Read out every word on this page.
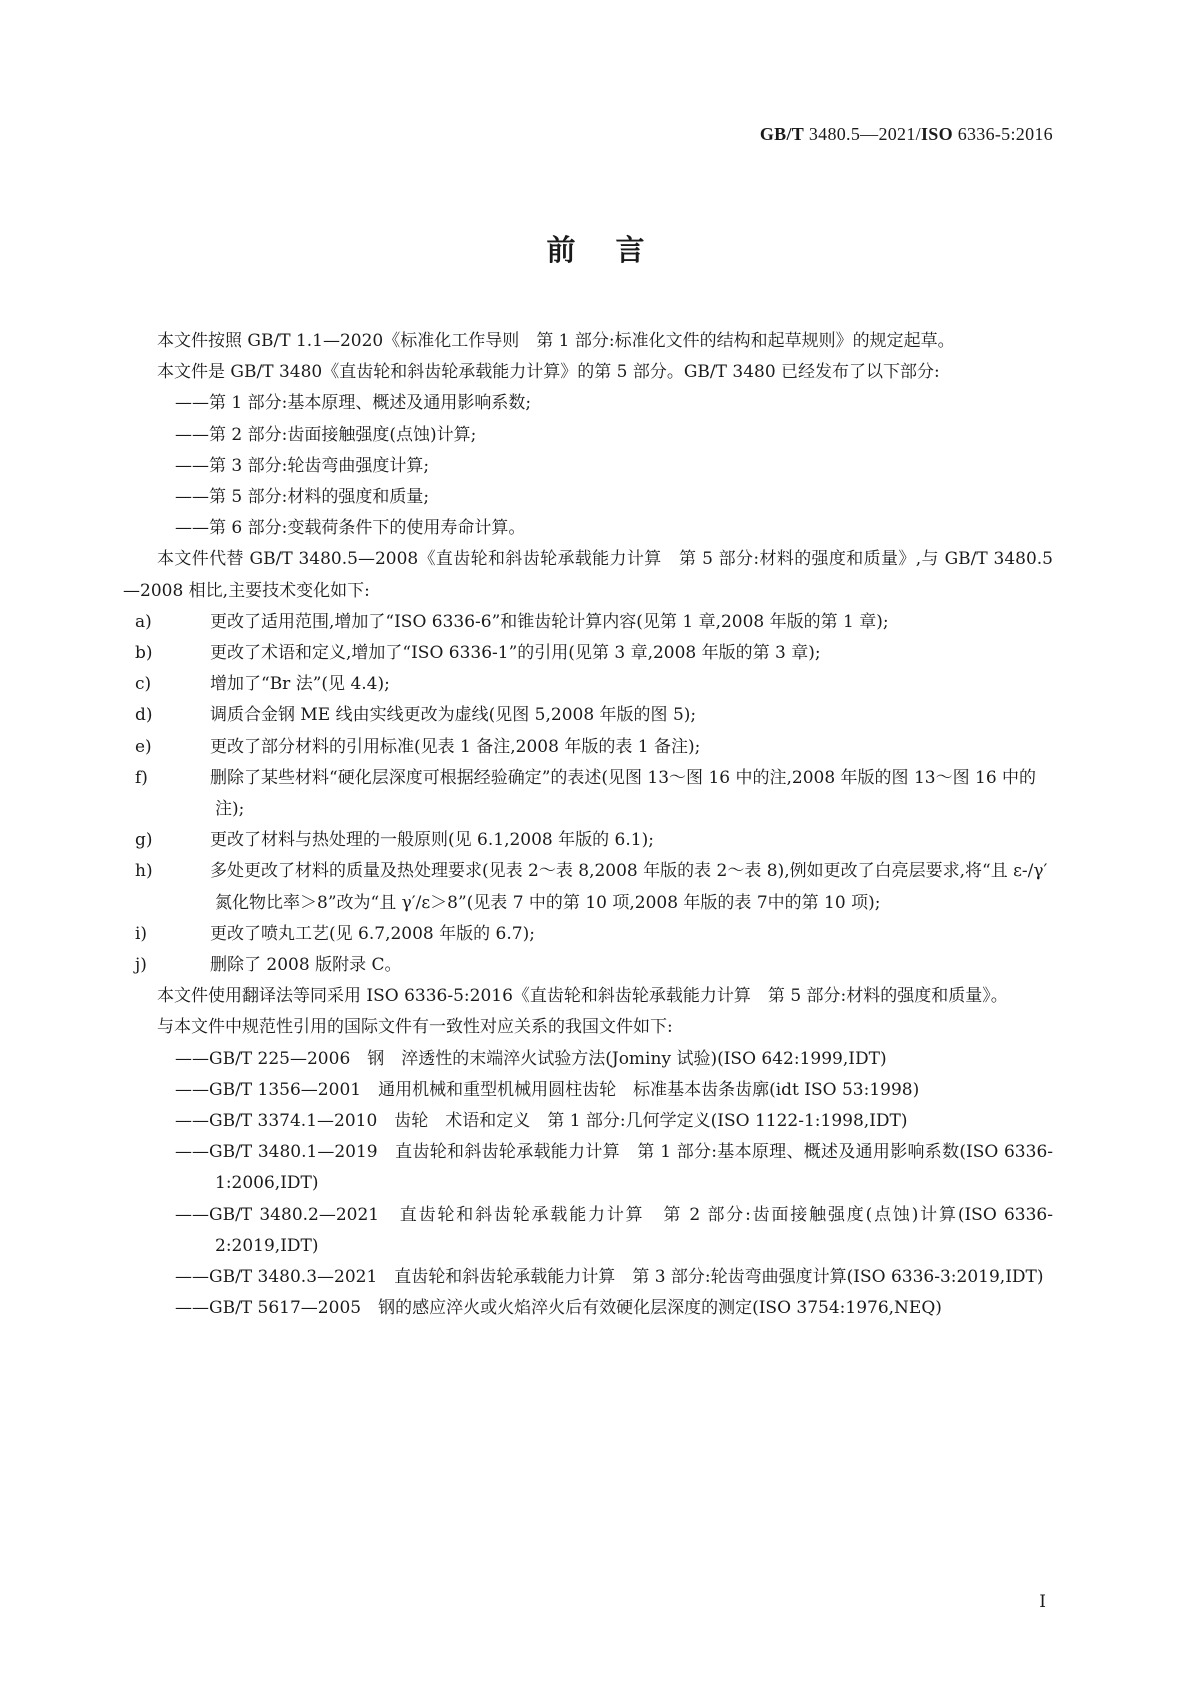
GB/T 3480.5—2021/ISO 6336-5:2016
前言

本文件按照 GB/T 1.1—2020《标准化工作导则　第 1 部分:标准化文件的结构和起草规则》的规定起草。

本文件是 GB/T 3480《直齿轮和斜齿轮承载能力计算》的第 5 部分。GB/T 3480 已经发布了以下部分:

——第 1 部分:基本原理、概述及通用影响系数;

——第 2 部分:齿面接触强度(点蚀)计算;

——第 3 部分:轮齿弯曲强度计算;

——第 5 部分:材料的强度和质量;

——第 6 部分:变载荷条件下的使用寿命计算。

本文件代替 GB/T 3480.5—2008《直齿轮和斜齿轮承载能力计算　第 5 部分:材料的强度和质量》,与 GB/T 3480.5—2008 相比,主要技术变化如下:

a)	更改了适用范围,增加了“ISO 6336-6”和锥齿轮计算内容(见第 1 章,2008 年版的第 1 章);

b)	更改了术语和定义,增加了“ISO 6336-1”的引用(见第 3 章,2008 年版的第 3 章);

c)	增加了“Br 法”(见 4.4);

d)	调质合金钢 ME 线由实线更改为虚线(见图 5,2008 年版的图 5);

e)	更改了部分材料的引用标准(见表 1 备注,2008 年版的表 1 备注);

f)	删除了某些材料“硬化层深度可根据经验确定”的表述(见图 13～图 16 中的注,2008 年版的图 13～图 16 中的注);

g)	更改了材料与热处理的一般原则(见 6.1,2008 年版的 6.1);

h)	多处更改了材料的质量及热处理要求(见表 2～表 8,2008 年版的表 2～表 8),例如更改了白亮层要求,将“且 ε-/γ′氮化物比率＞8”改为“且 γ′/ε＞8”(见表 7 中的第 10 项,2008 年版的表 7中的第 10 项);

i)	更改了喷丸工艺(见 6.7,2008 年版的 6.7);

j)	删除了 2008 版附录 C。

本文件使用翻译法等同采用 ISO 6336-5:2016《直齿轮和斜齿轮承载能力计算　第 5 部分:材料的强度和质量》。

与本文件中规范性引用的国际文件有一致性对应关系的我国文件如下:

——GB/T 225—2006　钢　淬透性的末端淬火试验方法(Jominy 试验)(ISO 642:1999,IDT)

——GB/T 1356—2001　通用机械和重型机械用圆柱齿轮　标准基本齿条齿廓(idt ISO 53:1998)

——GB/T 3374.1—2010　齿轮　术语和定义　第 1 部分:几何学定义(ISO 1122-1:1998,IDT)

——GB/T 3480.1—2019　直齿轮和斜齿轮承载能力计算　第 1 部分:基本原理、概述及通用影响系数(ISO 6336-1:2006,IDT)

——GB/T 3480.2—2021　直齿轮和斜齿轮承载能力计算　第 2 部分:齿面接触强度(点蚀)计算(ISO 6336-2:2019,IDT)

——GB/T 3480.3—2021　直齿轮和斜齿轮承载能力计算　第 3 部分:轮齿弯曲强度计算(ISO 6336-3:2019,IDT)

——GB/T 5617—2005　钢的感应淬火或火焰淬火后有效硬化层深度的测定(ISO 3754:1976,NEQ)

Ⅰ
